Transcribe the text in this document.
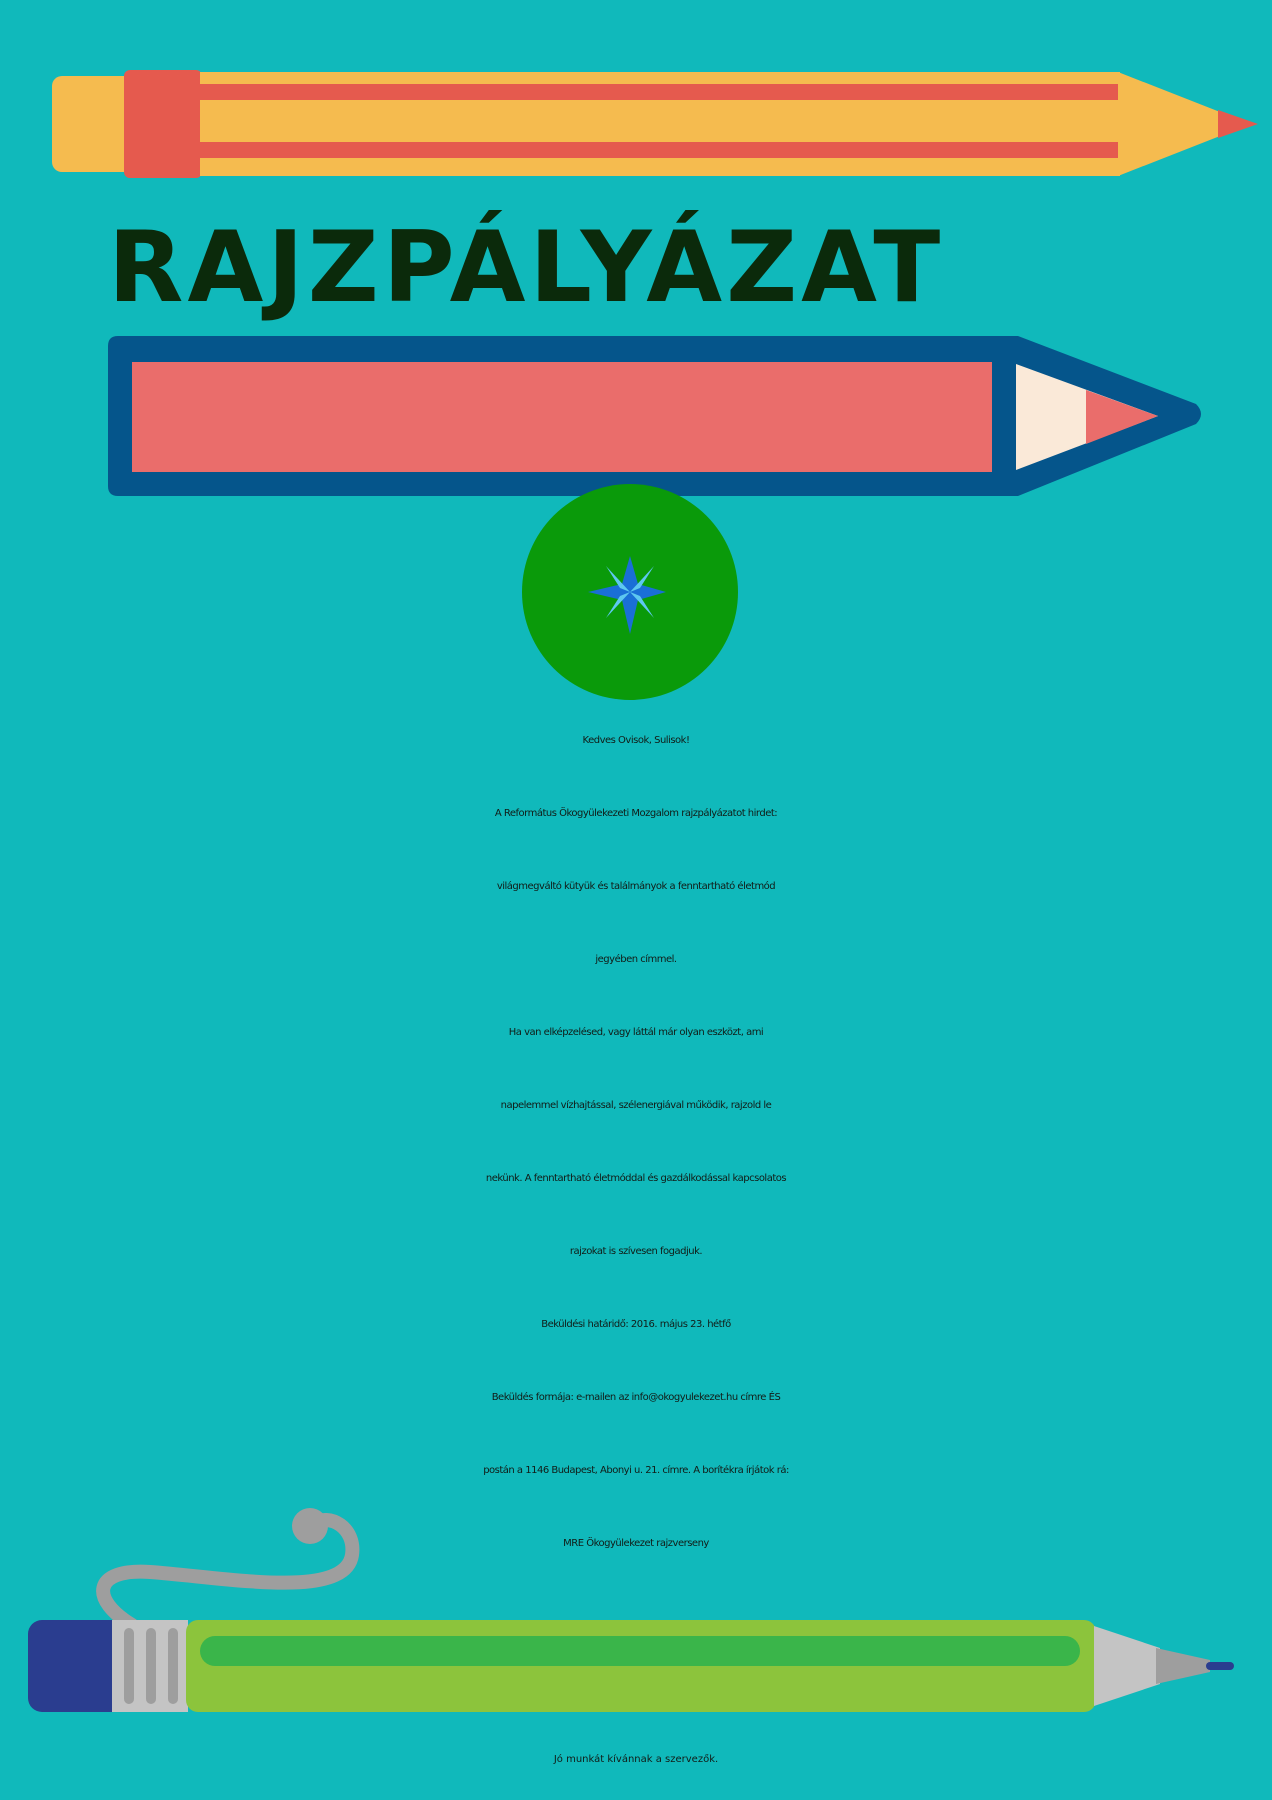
RAJZPÁLYÁZAT
Kedves Ovisok, Sulisok!
A Református Ökogyülekezeti Mozgalom rajzpályázatot hirdet:
világmegváltó kütyük és találmányok a fenntartható életmód
jegyében címmel.
Ha van elképzelésed, vagy láttál már olyan eszközt, ami
napelemmel vízhajtással, szélenergiával működik, rajzold le
nekünk. A fenntartható életmóddal és gazdálkodással kapcsolatos
rajzokat is szívesen fogadjuk.
Beküldési határidő: 2016. május 23. hétfő
Beküldés formája: e-mailen az info@okogyulekezet.hu címre ÉS
postán a 1146 Budapest, Abonyi u. 21. címre. A borítékra írjátok rá:
MRE Ökogyülekezet rajzverseny

Jó munkát kívánnak a szervezők.
